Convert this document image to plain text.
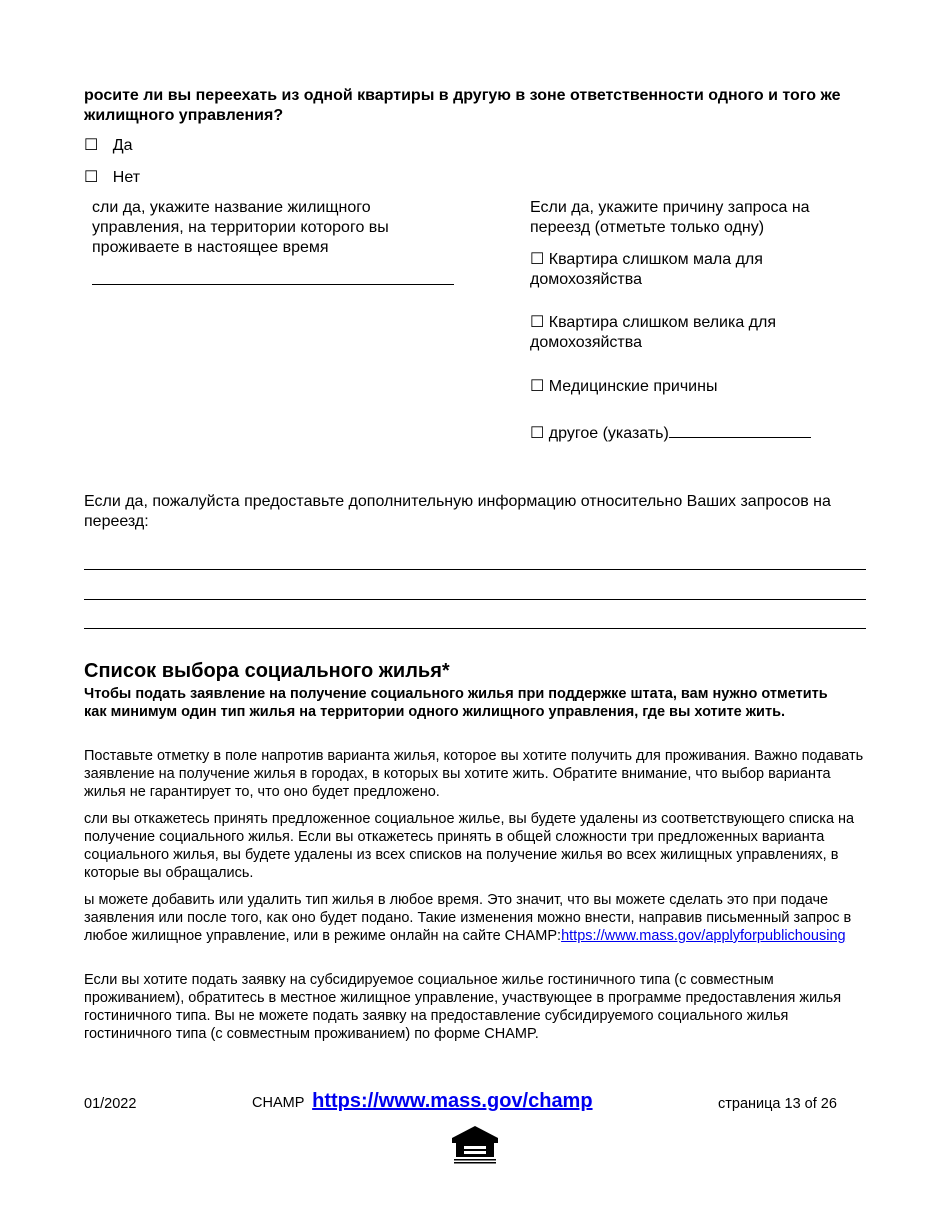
росите ли вы переехать из одной квартиры в другую в зоне ответственности одного и того же жилищного управления?
☐ Да
☐ Нет
сли да, укажите название жилищного управления, на территории которого вы проживаете в настоящее время
Если да, укажите причину запроса на переезд (отметьте только одну)
☐ Квартира слишком мала для домохозяйства
☐ Квартира слишком велика для домохозяйства
☐ Медицинские причины
☐ другое (указать)
Если да, пожалуйста предоставьте дополнительную информацию относительно Ваших запросов на переезд:
Список выбора социального жилья*
Чтобы подать заявление на получение социального жилья при поддержке штата, вам нужно отметить как минимум один тип жилья на территории одного жилищного управления, где вы хотите жить.
Поставьте отметку в поле напротив варианта жилья, которое вы хотите получить для проживания. Важно подавать заявление на получение жилья в городах, в которых вы хотите жить. Обратите внимание, что выбор варианта жилья не гарантирует то, что оно будет предложено.
сли вы откажетесь принять предложенное социальное жилье, вы будете удалены из соответствующего списка на получение социального жилья. Если вы откажетесь принять в общей сложности три предложенных варианта социального жилья, вы будете удалены из всех списков на получение жилья во всех жилищных управлениях, в которые вы обращались.
ы можете добавить или удалить тип жилья в любое время. Это значит, что вы можете сделать это при подаче заявления или после того, как оно будет подано. Такие изменения можно внести, направив письменный запрос в любое жилищное управление, или в режиме онлайн на сайте CHAMP:https://www.mass.gov/applyforpublichousing
Если вы хотите подать заявку на субсидируемое социальное жилье гостиничного типа (с совместным проживанием), обратитесь в местное жилищное управление, участвующее в программе предоставления жилья гостиничного типа. Вы не можете подать заявку на предоставление субсидируемого социального жилья гостиничного типа (с совместным проживанием) по форме CHAMP.
01/2022	CHAMP https://www.mass.gov/champ	страница 13 of 26
